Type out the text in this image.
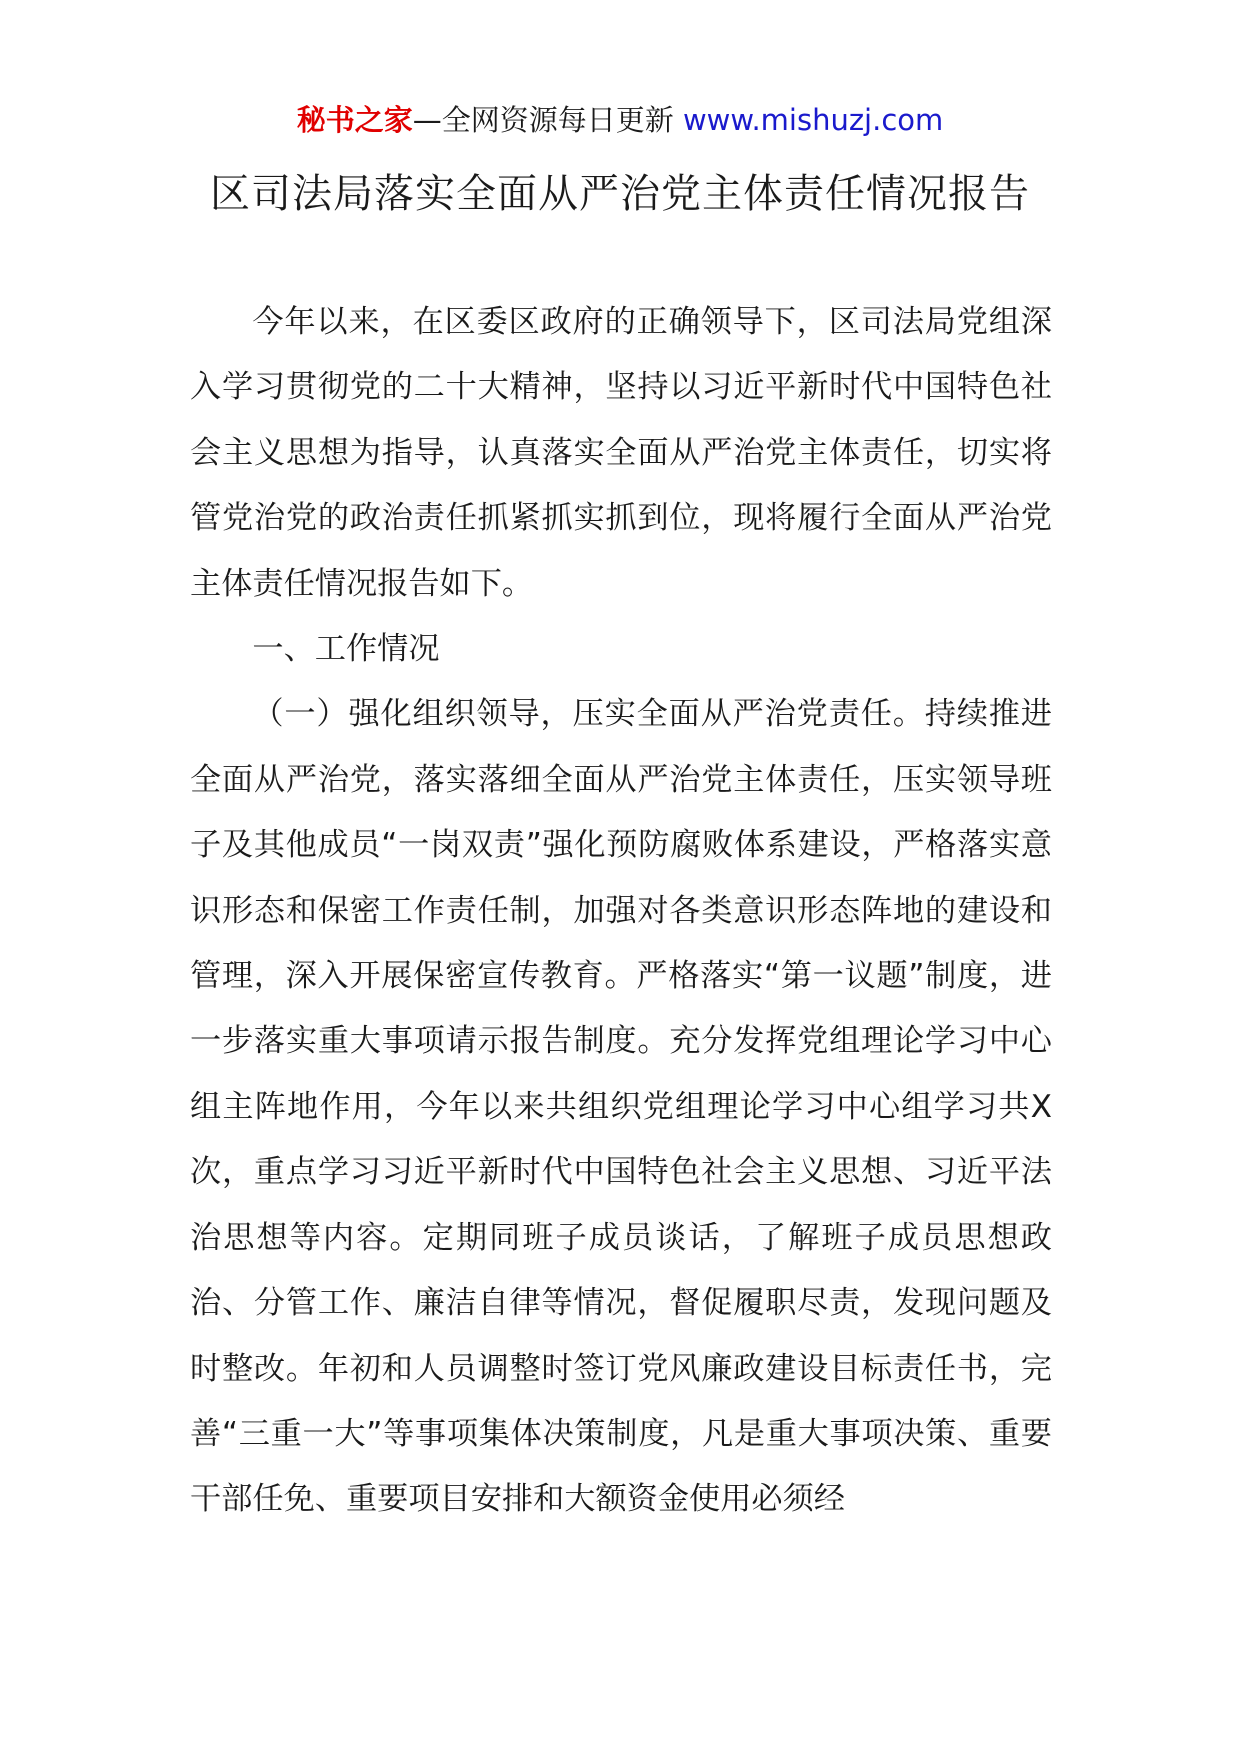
秘书之家—全网资源每日更新 www.mishuzj.com
区司法局落实全面从严治党主体责任情况报告

今年以来，在区委区政府的正确领导下，区司法局党组深入学习贯彻党的二十大精神，坚持以习近平新时代中国特色社会主义思想为指导，认真落实全面从严治党主体责任，切实将管党治党的政治责任抓紧抓实抓到位，现将履行全面从严治党主体责任情况报告如下。

一、工作情况

（一）强化组织领导，压实全面从严治党责任。持续推进全面从严治党，落实落细全面从严治党主体责任，压实领导班子及其他成员“一岗双责”强化预防腐败体系建设，严格落实意识形态和保密工作责任制，加强对各类意识形态阵地的建设和管理，深入开展保密宣传教育。严格落实“第一议题”制度，进一步落实重大事项请示报告制度。充分发挥党组理论学习中心组主阵地作用，今年以来共组织党组理论学习中心组学习共X次，重点学习习近平新时代中国特色社会主义思想、习近平法治思想等内容。定期同班子成员谈话，了解班子成员思想政治、分管工作、廉洁自律等情况，督促履职尽责，发现问题及时整改。年初和人员调整时签订党风廉政建设目标责任书，完善“三重一大”等事项集体决策制度，凡是重大事项决策、重要干部任免、重要项目安排和大额资金使用必须经
